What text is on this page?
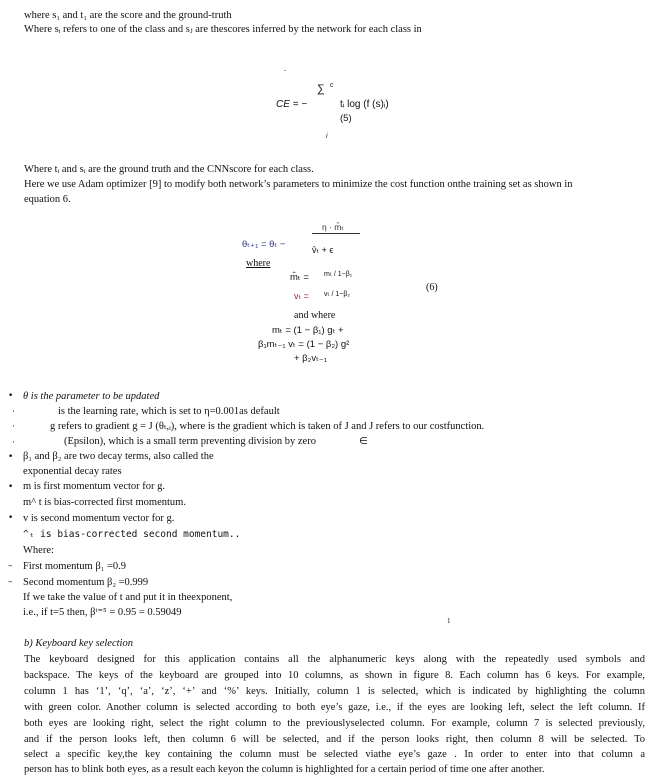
where s₁ and t₁ are the score and the ground-truth
Where sᵢ refers to one of the class and sⱼ are thescores inferred by the network for each class in
.
∑ c
CE = −	tᵢ log (f (s)ᵢ)
(5)
i
Where tᵢ and sᵢ are the ground truth and the CNNscore for each class.
Here we use Adam optimizer [9] to modify both network’s parameters to minimize the cost function onthe training set as shown in
equation 6.
η · m̂ₜ
θₜ₊₁ = θₜ −	v̂ₜ + ϵ
where
m̂ₜ = mₜ / 1−β₁
vₜ = vₜ / 1−β₂
(6)
and where
mₜ = (1 − β₁) gₜ +
β₁mₜ₋₁ vₜ = (1 − β₂) g²
+ β₂vₜ₋₁
• θ is the parameter to be updated
·	is the learning rate, which is set to η=0.001as default
·	g refers to gradient g = J (θₜ,ᵢ), where is the gradient which is taken of J and J refers to our costfunction.
·	(Epsilon), which is a small term preventing division by zero	∈
• β₁ and β₂ are two decay terms, also called the
exponential decay rates
• m is first momentum vector for g.
m^ t is bias-corrected first momentum.
• v is second momentum vector for g.
^ₜ is bias-corrected second momentum..
Where:
– First momentum β₁ =0.9
– Second momentum β₂ =0.999
If we take the value of t and put it in theexponent,
i.e., if t=5 then, βᵗ⁼⁵ = 0.95 = 0.59049
1
b) Keyboard key selection
The keyboard designed for this application contains all the alphanumeric keys along with the repeatedly used symbols and
backspace. The keys of the keyboard are grouped into 10 columns, as shown in figure 8. Each column has 6 keys. For example,
column 1 has ‘1’, ‘q’, ‘a’, ‘z’, ‘+’ and ‘%’ keys. Initially, column 1 is selected, which is indicated by highlighting the column
with green color. Another column is selected according to both eye’s gaze, i.e., if the eyes are looking left, select the left column. If
both eyes are looking right, select the right column to the previouslyselected column. For example, column 7 is selected previously,
and if the person looks left, then column 6 will be selected, and if the person looks right, then column 8 will be selected. To
select a specific key,the key containing the column must be selected viathe eye’s gaze . In order to enter into that column a
person has to blink both eyes, as a result each keyon the column is highlighted for a certain period of time one after another.
